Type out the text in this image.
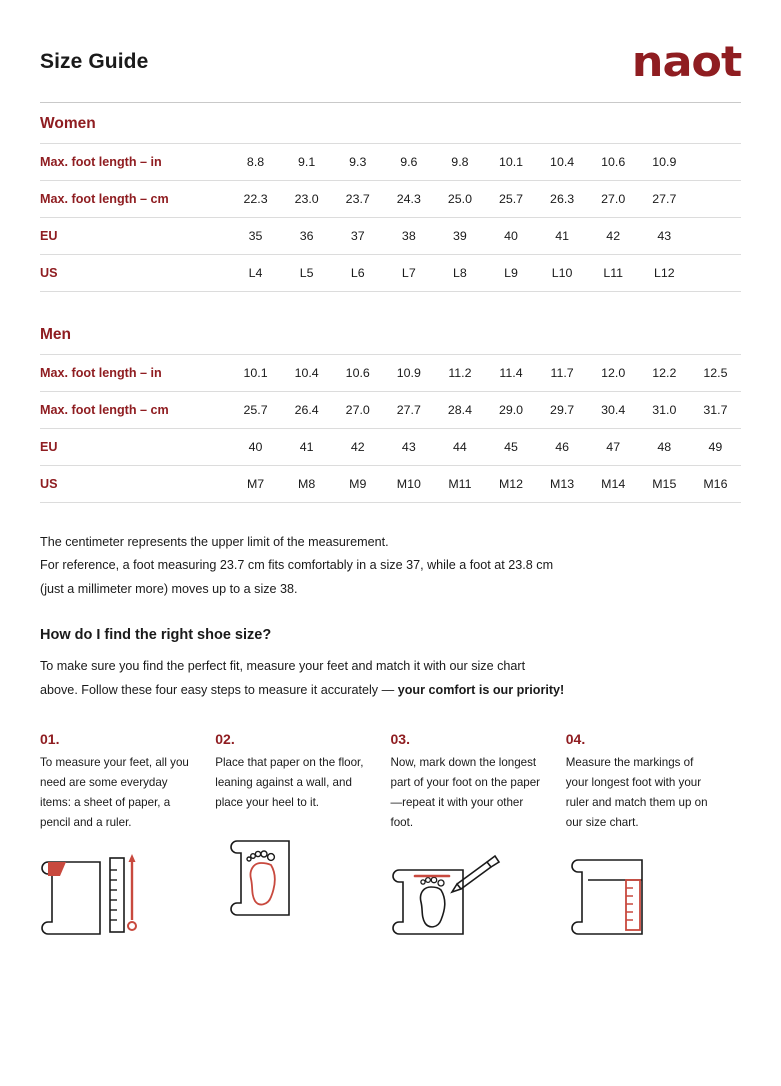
Size Guide	naot
Women
Max. foot length – in	8.8	9.1	9.3	9.6	9.8	10.1	10.4	10.6	10.9	
Max. foot length – cm	22.3	23.0	23.7	24.3	25.0	25.7	26.3	27.0	27.7	
EU	35	36	37	38	39	40	41	42	43	
US	L4	L5	L6	L7	L8	L9	L10	L11	L12	
Men
Max. foot length – in	10.1	10.4	10.6	10.9	11.2	11.4	11.7	12.0	12.2	12.5
Max. foot length – cm	25.7	26.4	27.0	27.7	28.4	29.0	29.7	30.4	31.0	31.7
EU	40	41	42	43	44	45	46	47	48	49
US	M7	M8	M9	M10	M11	M12	M13	M14	M15	M16
The centimeter represents the upper limit of the measurement.
For reference, a foot measuring 23.7 cm fits comfortably in a size 37, while a foot at 23.8 cm
(just a millimeter more) moves up to a size 38.
How do I find the right shoe size?
To make sure you find the perfect fit, measure your feet and match it with our size chart
above. Follow these four easy steps to measure it accurately — your comfort is our priority!
01.
To measure your feet, all you need are some everyday items: a sheet of paper, a pencil and a ruler.
02.
Place that paper on the floor, leaning against a wall, and place your heel to it.
03.
Now, mark down the longest part of your foot on the paper—repeat it with your other foot.
04.
Measure the markings of your longest foot with your ruler and match them up on our size chart.
